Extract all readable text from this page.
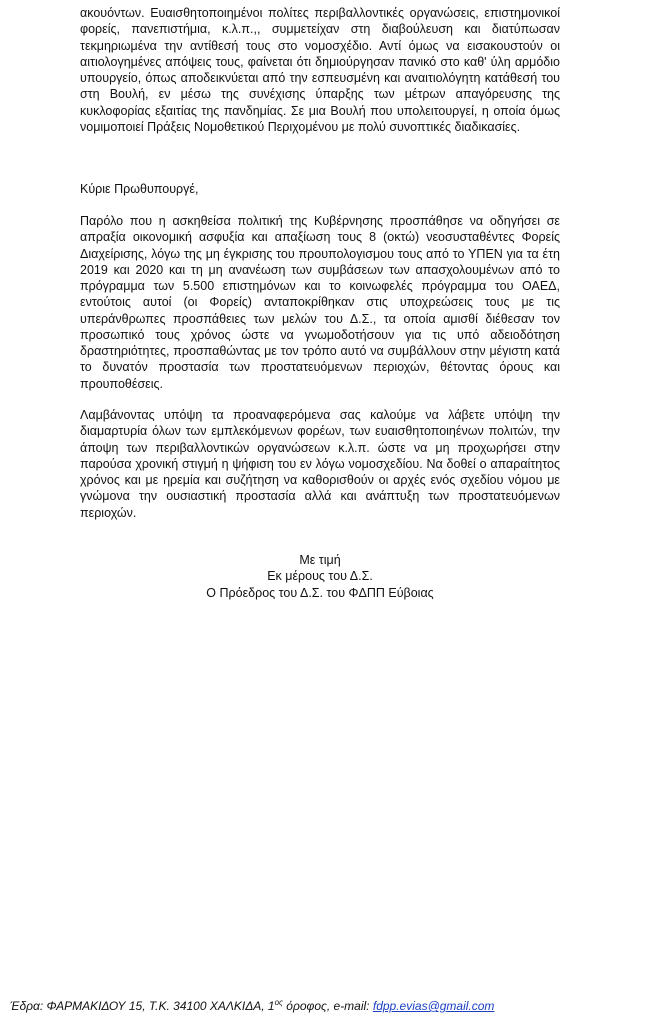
ακουόντων. Ευαισθητοποιημένοι πολίτες περιβαλλοντικές οργανώσεις, επιστημονικοί φορείς, πανεπιστήμια, κ.λ.π.,, συμμετείχαν στη διαβούλευση και διατύπωσαν τεκμηριωμένα την αντίθεσή τους στο νομοσχέδιο. Αντί όμως να εισακουστούν οι αιτιολογημένες απόψεις τους, φαίνεται ότι δημιούργησαν πανικό στο καθ' ύλη αρμόδιο υπουργείο, όπως αποδεικνύεται από την εσπευσμένη και αναιτιολόγητη κατάθεσή του στη Βουλή, εν μέσω της συνέχισης ύπαρξης των μέτρων απαγόρευσης της κυκλοφορίας εξαιτίας της πανδημίας. Σε μια Βουλή που υπολειτουργεί, η οποία όμως νομιμοποιεί Πράξεις Νομοθετικού Περιχομένου με πολύ συνοπτικές διαδικασίες.

Κύριε Πρωθυπουργέ,

Παρόλο που η ασκηθείσα πολιτική της Κυβέρνησης προσπάθησε να οδηγήσει σε απραξία οικονομική ασφυξία και απαξίωση τους 8 (οκτώ) νεοσυσταθέντες Φορείς Διαχείρισης, λόγω της μη έγκρισης του προυπολογισμου τους από το ΥΠΕΝ για τα έτη 2019 και 2020 και τη μη ανανέωση των συμβάσεων των απασχολουμένων από το πρόγραμμα των 5.500 επιστημόνων και το κοινωφελές πρόγραμμα του ΟΑΕΔ, εντούτοις αυτοί (οι Φορείς) ανταποκρίθηκαν στις υποχρεώσεις τους με τις υπεράνθρωπες προσπάθειες των μελών του Δ.Σ., τα οποία αμισθί διέθεσαν τον προσωπικό τους χρόνος ώστε να γνωμοδοτήσουν για τις υπό αδειοδότηση δραστηριότητες, προσπαθώντας με τον τρόπο αυτό να συμβάλλουν στην μέγιστη κατά το δυνατόν προστασία των προστατευόμενων περιοχών, θέτοντας όρους και προυποθέσεις.

Λαμβάνοντας υπόψη τα προαναφερόμενα σας καλούμε να λάβετε υπόψη την διαμαρτυρία όλων των εμπλεκόμενων φορέων, των ευαισθητοποιηένων πολιτών, την άποψη των περιβαλλοντικών οργανώσεων κ.λ.π. ώστε να μη προχωρήσει στην παρούσα χρονική στιγμή η ψήφιση του εν λόγω νομοσχεδίου. Να δοθεί ο απαραίτητος χρόνος και με ηρεμία και συζήτηση να καθορισθούν οι αρχές ενός σχεδίου νόμου με γνώμονα την ουσιαστική προστασία αλλά και ανάπτυξη των προστατευόμενων περιοχών.

Με τιμή
Εκ μέρους του Δ.Σ.
Ο Πρόεδρος του Δ.Σ. του ΦΔΠΠ Εύβοιας
Έδρα: ΦΑΡΜΑΚΙΔΟΥ 15, Τ.Κ. 34100 ΧΑΛΚΙΔΑ, $1^{o\varsigma}$ όροφος, e-mail: fdpp.evias@gmail.com
